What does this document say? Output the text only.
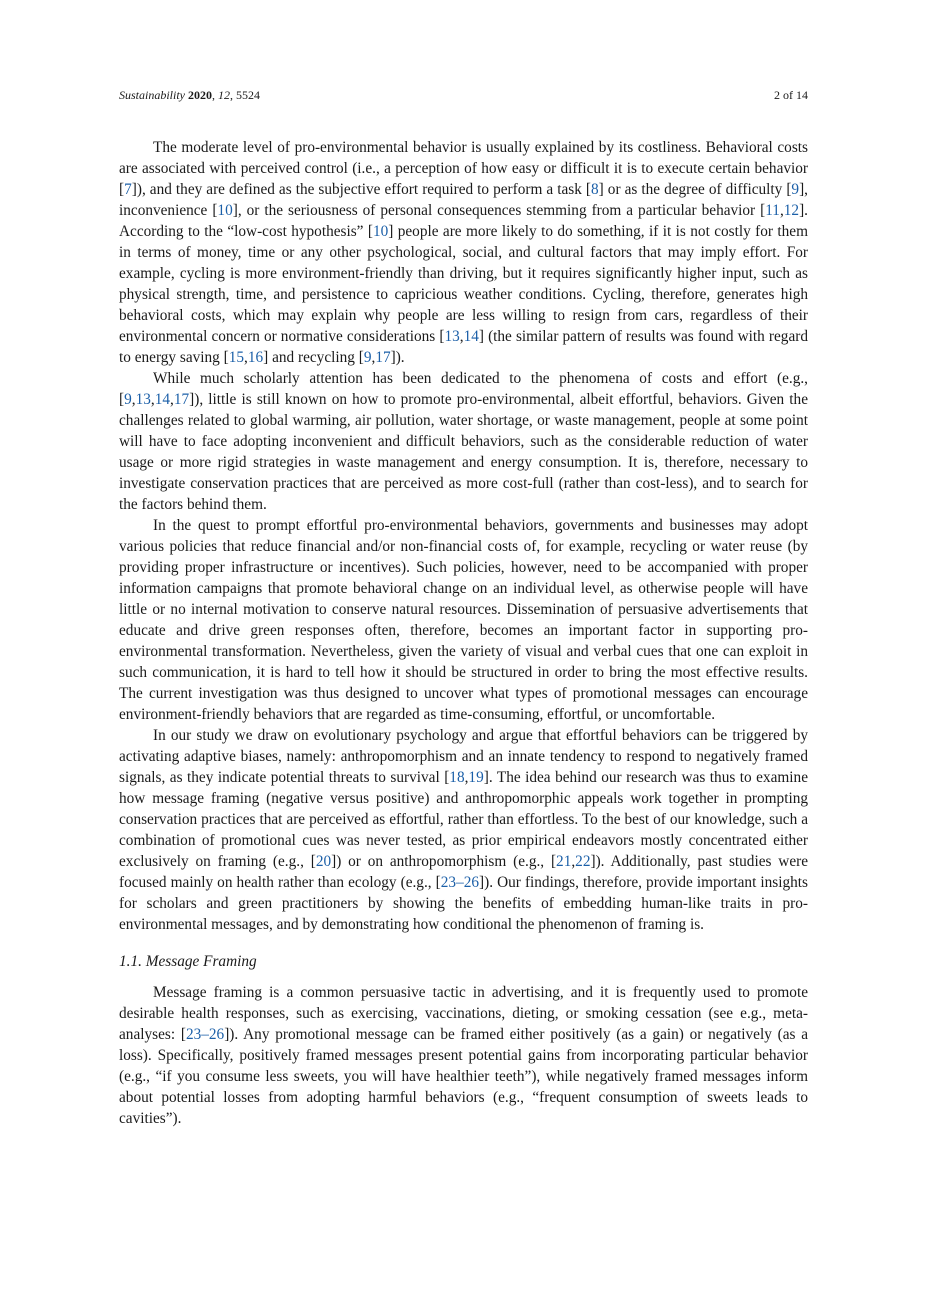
Sustainability 2020, 12, 5524	2 of 14

The moderate level of pro-environmental behavior is usually explained by its costliness. Behavioral costs are associated with perceived control (i.e., a perception of how easy or difficult it is to execute certain behavior [7]), and they are defined as the subjective effort required to perform a task [8] or as the degree of difficulty [9], inconvenience [10], or the seriousness of personal consequences stemming from a particular behavior [11,12]. According to the “low-cost hypothesis” [10] people are more likely to do something, if it is not costly for them in terms of money, time or any other psychological, social, and cultural factors that may imply effort. For example, cycling is more environment-friendly than driving, but it requires significantly higher input, such as physical strength, time, and persistence to capricious weather conditions. Cycling, therefore, generates high behavioral costs, which may explain why people are less willing to resign from cars, regardless of their environmental concern or normative considerations [13,14] (the similar pattern of results was found with regard to energy saving [15,16] and recycling [9,17]).

While much scholarly attention has been dedicated to the phenomena of costs and effort (e.g., [9,13,14,17]), little is still known on how to promote pro-environmental, albeit effortful, behaviors. Given the challenges related to global warming, air pollution, water shortage, or waste management, people at some point will have to face adopting inconvenient and difficult behaviors, such as the considerable reduction of water usage or more rigid strategies in waste management and energy consumption. It is, therefore, necessary to investigate conservation practices that are perceived as more cost-full (rather than cost-less), and to search for the factors behind them.

In the quest to prompt effortful pro-environmental behaviors, governments and businesses may adopt various policies that reduce financial and/or non-financial costs of, for example, recycling or water reuse (by providing proper infrastructure or incentives). Such policies, however, need to be accompanied with proper information campaigns that promote behavioral change on an individual level, as otherwise people will have little or no internal motivation to conserve natural resources. Dissemination of persuasive advertisements that educate and drive green responses often, therefore, becomes an important factor in supporting pro-environmental transformation. Nevertheless, given the variety of visual and verbal cues that one can exploit in such communication, it is hard to tell how it should be structured in order to bring the most effective results. The current investigation was thus designed to uncover what types of promotional messages can encourage environment-friendly behaviors that are regarded as time-consuming, effortful, or uncomfortable.

In our study we draw on evolutionary psychology and argue that effortful behaviors can be triggered by activating adaptive biases, namely: anthropomorphism and an innate tendency to respond to negatively framed signals, as they indicate potential threats to survival [18,19]. The idea behind our research was thus to examine how message framing (negative versus positive) and anthropomorphic appeals work together in prompting conservation practices that are perceived as effortful, rather than effortless. To the best of our knowledge, such a combination of promotional cues was never tested, as prior empirical endeavors mostly concentrated either exclusively on framing (e.g., [20]) or on anthropomorphism (e.g., [21,22]). Additionally, past studies were focused mainly on health rather than ecology (e.g., [23–26]). Our findings, therefore, provide important insights for scholars and green practitioners by showing the benefits of embedding human-like traits in pro-environmental messages, and by demonstrating how conditional the phenomenon of framing is.

1.1. Message Framing

Message framing is a common persuasive tactic in advertising, and it is frequently used to promote desirable health responses, such as exercising, vaccinations, dieting, or smoking cessation (see e.g., meta-analyses: [23–26]). Any promotional message can be framed either positively (as a gain) or negatively (as a loss). Specifically, positively framed messages present potential gains from incorporating particular behavior (e.g., “if you consume less sweets, you will have healthier teeth”), while negatively framed messages inform about potential losses from adopting harmful behaviors (e.g., “frequent consumption of sweets leads to cavities”).
